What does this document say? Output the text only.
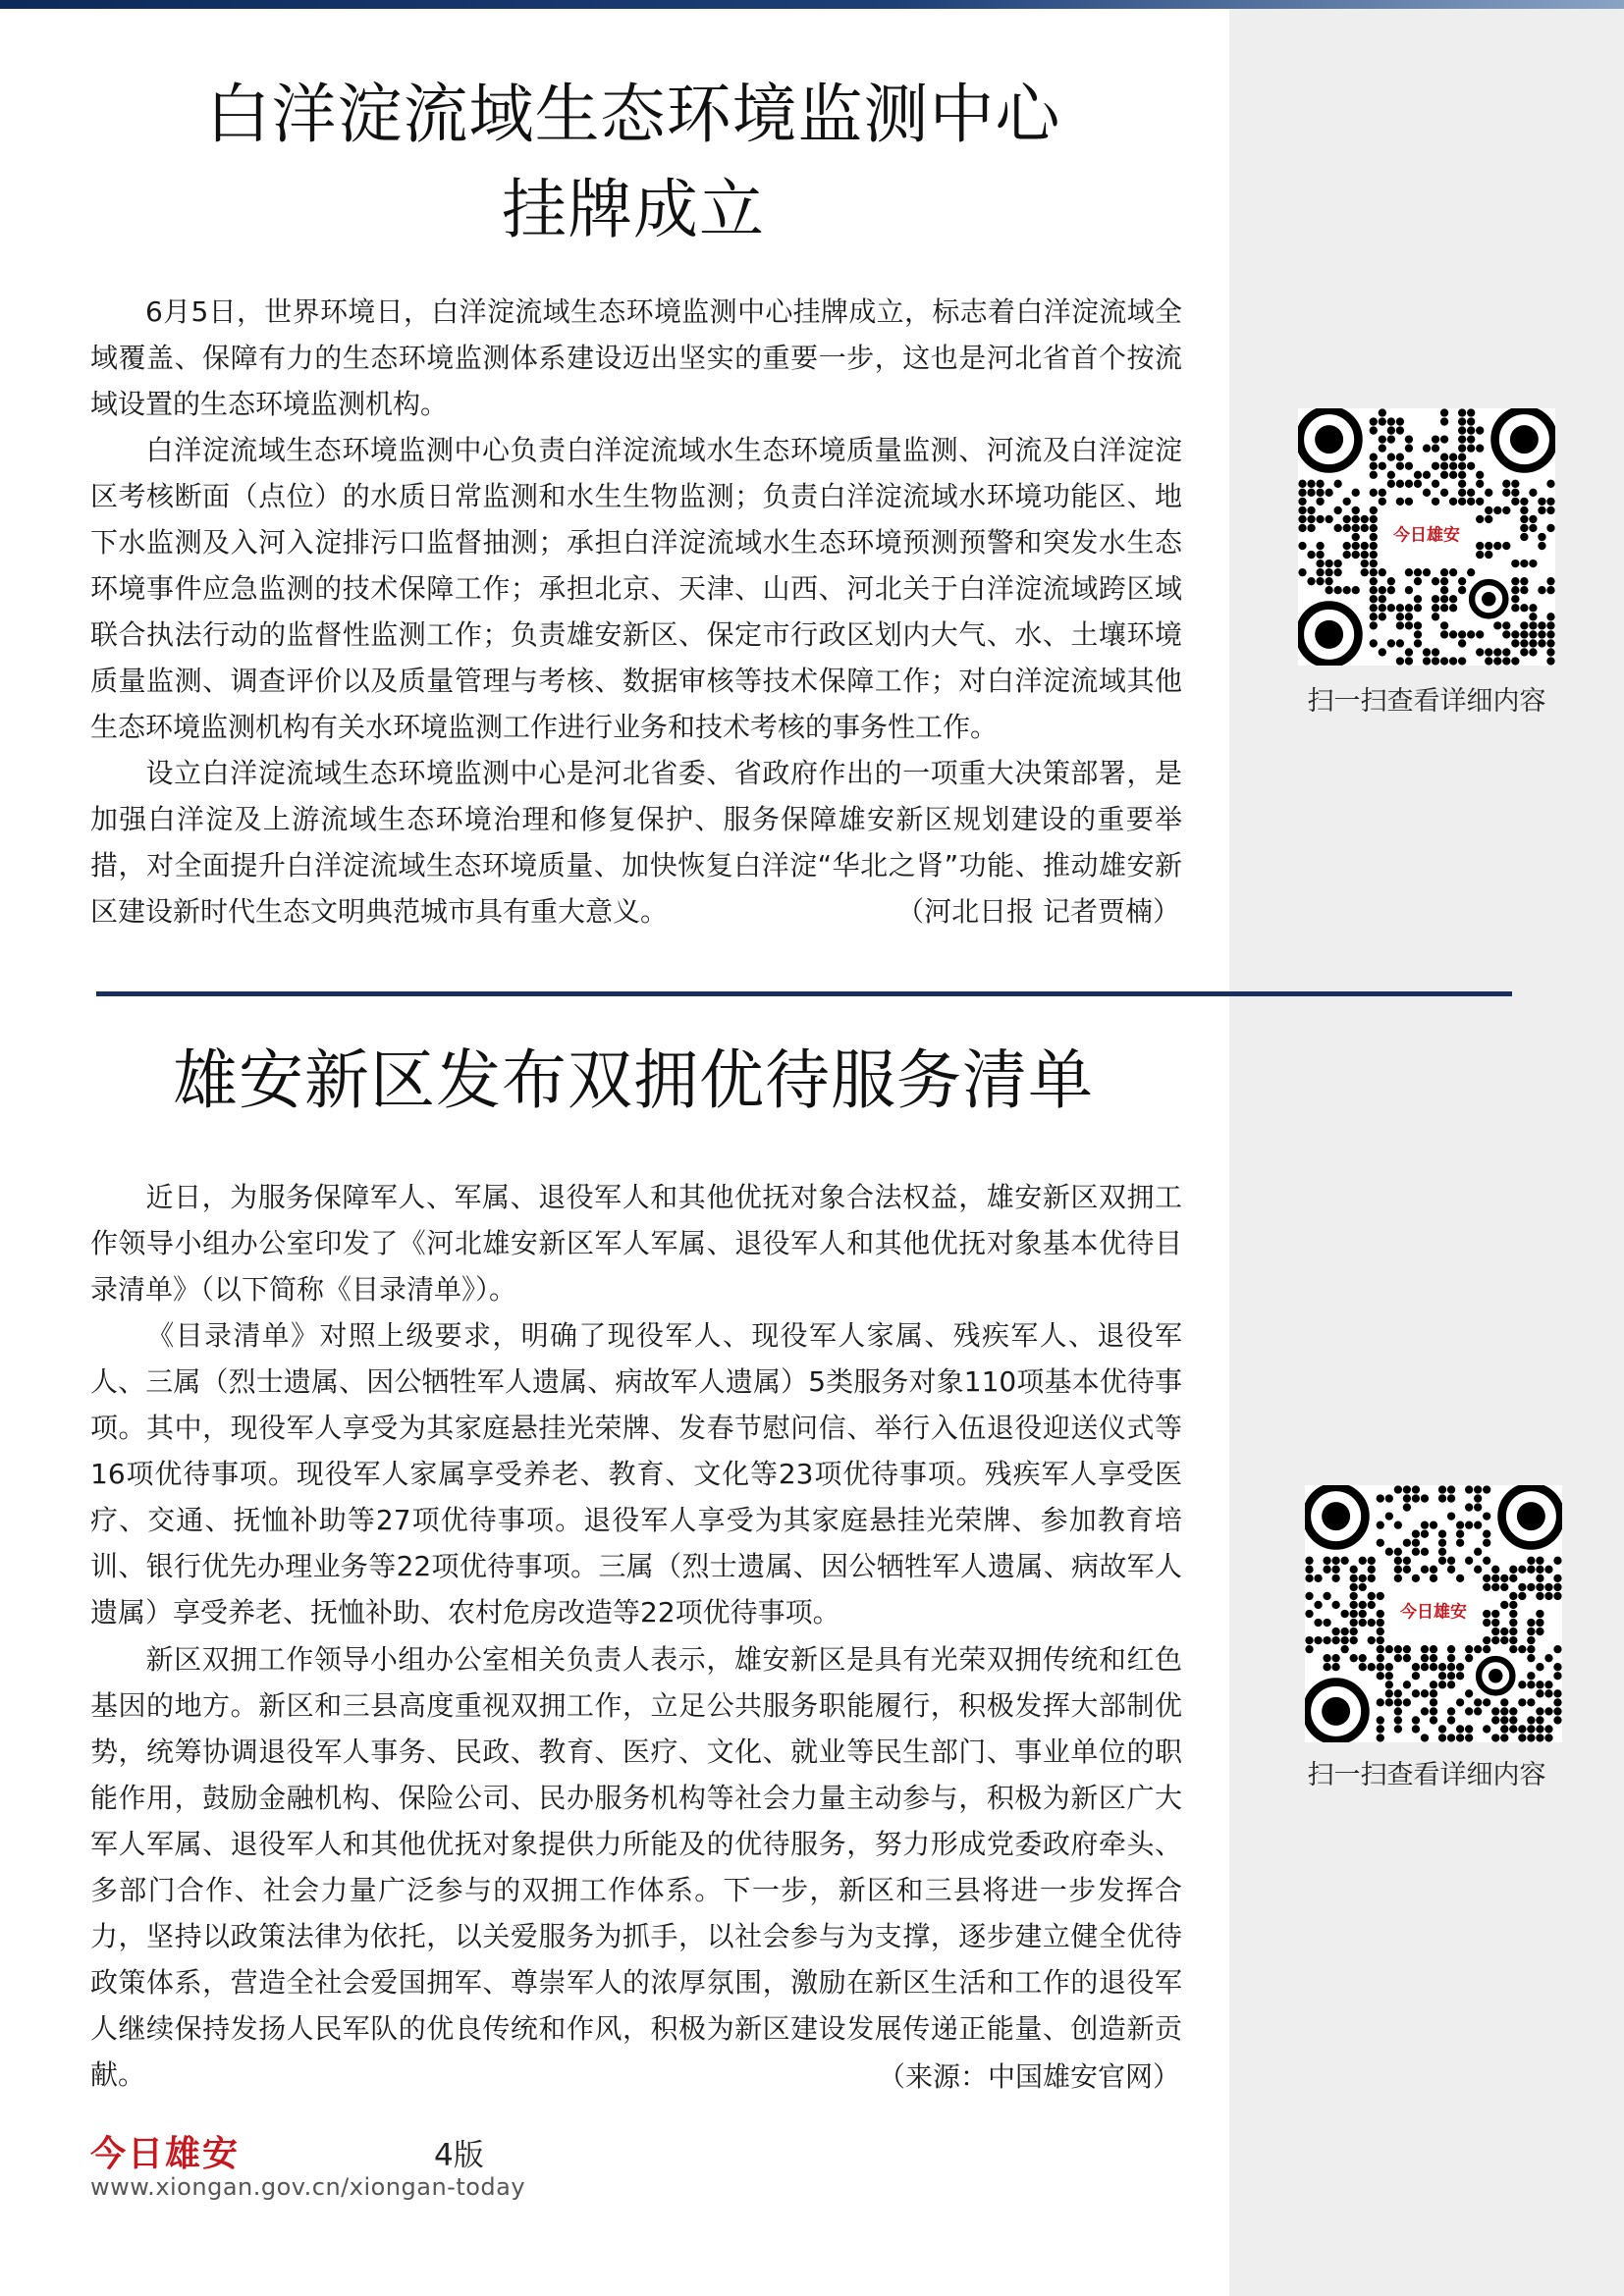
白洋淀流域生态环境监测中心
挂牌成立

6月5日，世界环境日，白洋淀流域生态环境监测中心挂牌成立，标志着白洋淀流域全域覆盖、保障有力的生态环境监测体系建设迈出坚实的重要一步，这也是河北省首个按流域设置的生态环境监测机构。

白洋淀流域生态环境监测中心负责白洋淀流域水生态环境质量监测、河流及白洋淀淀区考核断面（点位）的水质日常监测和水生生物监测；负责白洋淀流域水环境功能区、地下水监测及入河入淀排污口监督抽测；承担白洋淀流域水生态环境预测预警和突发水生态环境事件应急监测的技术保障工作；承担北京、天津、山西、河北关于白洋淀流域跨区域联合执法行动的监督性监测工作；负责雄安新区、保定市行政区划内大气、水、土壤环境质量监测、调查评价以及质量管理与考核、数据审核等技术保障工作；对白洋淀流域其他生态环境监测机构有关水环境监测工作进行业务和技术考核的事务性工作。

设立白洋淀流域生态环境监测中心是河北省委、省政府作出的一项重大决策部署，是加强白洋淀及上游流域生态环境治理和修复保护、服务保障雄安新区规划建设的重要举措，对全面提升白洋淀流域生态环境质量、加快恢复白洋淀“华北之肾”功能、推动雄安新区建设新时代生态文明典范城市具有重大意义。	（河北日报 记者贾楠）
雄安新区发布双拥优待服务清单

近日，为服务保障军人、军属、退役军人和其他优抚对象合法权益，雄安新区双拥工作领导小组办公室印发了《河北雄安新区军人军属、退役军人和其他优抚对象基本优待目录清单》（以下简称《目录清单》）。

《目录清单》对照上级要求，明确了现役军人、现役军人家属、残疾军人、退役军人、三属（烈士遗属、因公牺牲军人遗属、病故军人遗属）5类服务对象110项基本优待事项。其中，现役军人享受为其家庭悬挂光荣牌、发春节慰问信、举行入伍退役迎送仪式等16项优待事项。现役军人家属享受养老、教育、文化等23项优待事项。残疾军人享受医疗、交通、抚恤补助等27项优待事项。退役军人享受为其家庭悬挂光荣牌、参加教育培训、银行优先办理业务等22项优待事项。三属（烈士遗属、因公牺牲军人遗属、病故军人遗属）享受养老、抚恤补助、农村危房改造等22项优待事项。

新区双拥工作领导小组办公室相关负责人表示，雄安新区是具有光荣双拥传统和红色基因的地方。新区和三县高度重视双拥工作，立足公共服务职能履行，积极发挥大部制优势，统筹协调退役军人事务、民政、教育、医疗、文化、就业等民生部门、事业单位的职能作用，鼓励金融机构、保险公司、民办服务机构等社会力量主动参与，积极为新区广大军人军属、退役军人和其他优抚对象提供力所能及的优待服务，努力形成党委政府牵头、多部门合作、社会力量广泛参与的双拥工作体系。下一步，新区和三县将进一步发挥合力，坚持以政策法律为依托，以关爱服务为抓手，以社会参与为支撑，逐步建立健全优待政策体系，营造全社会爱国拥军、尊崇军人的浓厚氛围，激励在新区生活和工作的退役军人继续保持发扬人民军队的优良传统和作风，积极为新区建设发展传递正能量、创造新贡献。	（来源：中国雄安官网）
今日雄安
扫一扫查看详细内容
今日雄安
扫一扫查看详细内容
今日雄安	4版
www.xiongan.gov.cn/xiongan-today
